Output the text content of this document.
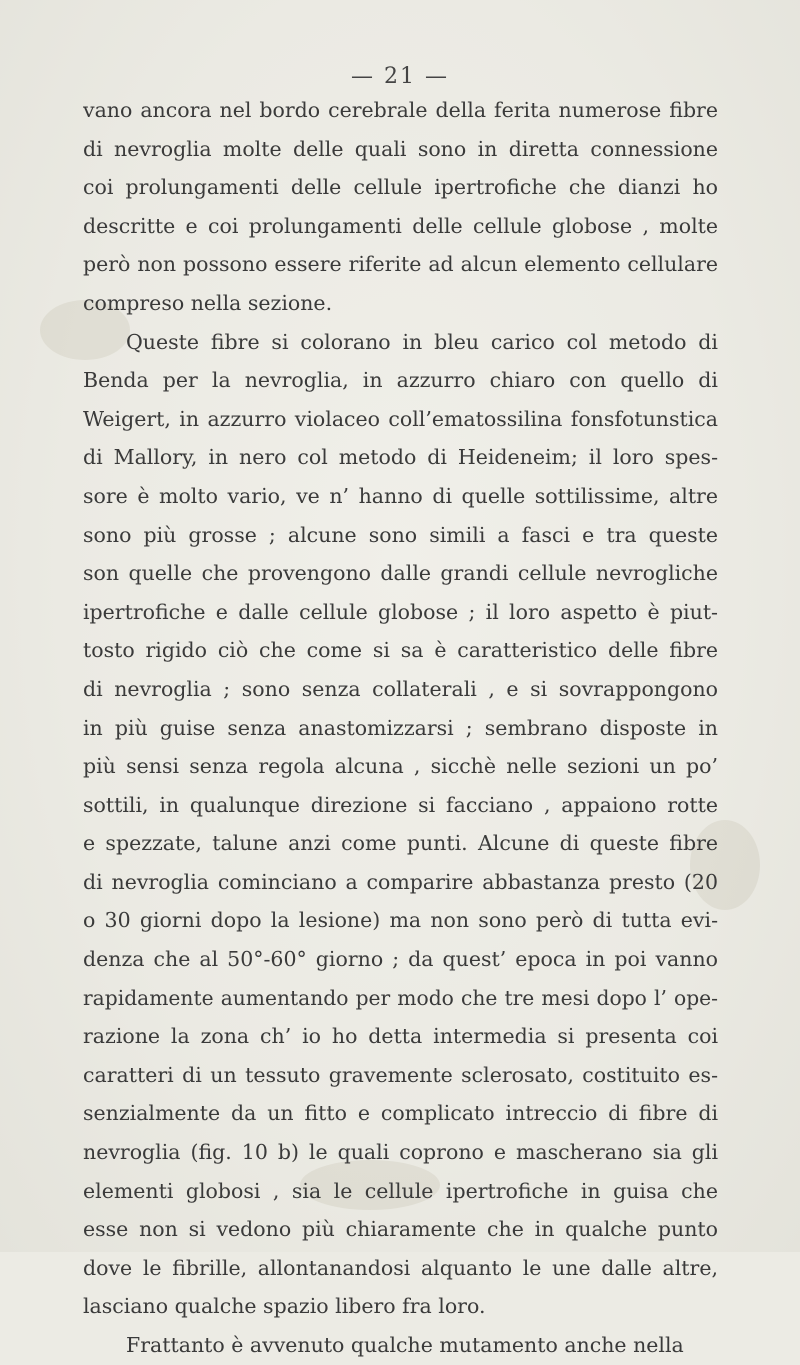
— 21 —
vano ancora nel bordo cerebrale della ferita numerose fibre
di nevroglia molte delle quali sono in diretta connessione
coi prolungamenti delle cellule ipertrofiche che dianzi ho
descritte e coi prolungamenti delle cellule globose , molte
però non possono essere riferite ad alcun elemento cellulare
compreso nella sezione.
Queste fibre si colorano in bleu carico col metodo di
Benda per la nevroglia, in azzurro chiaro con quello di
Weigert, in azzurro violaceo coll’ematossilina fonsfotunstica
di Mallory, in nero col metodo di Heideneim; il loro spes-
sore è molto vario, ve n’ hanno di quelle sottilissime, altre
sono più grosse ; alcune sono simili a fasci e tra queste
son quelle che provengono dalle grandi cellule nevrogliche
ipertrofiche e dalle cellule globose ; il loro aspetto è piut-
tosto rigido ciò che come si sa è caratteristico delle fibre
di nevroglia ; sono senza collaterali , e si sovrappongono
in più guise senza anastomizzarsi ; sembrano disposte in
più sensi senza regola alcuna , sicchè nelle sezioni un po’
sottili, in qualunque direzione si facciano , appaiono rotte
e spezzate, talune anzi come punti. Alcune di queste fibre
di nevroglia cominciano a comparire abbastanza presto (20
o 30 giorni dopo la lesione) ma non sono però di tutta evi-
denza che al 50°-60° giorno ; da quest’ epoca in poi vanno
rapidamente aumentando per modo che tre mesi dopo l’ ope-
razione la zona ch’ io ho detta intermedia si presenta coi
caratteri di un tessuto gravemente sclerosato, costituito es-
senzialmente da un fitto e complicato intreccio di fibre di
nevroglia (fig. 10 b) le quali coprono e mascherano sia gli
elementi globosi , sia le cellule ipertrofiche in guisa che
esse non si vedono più chiaramente che in qualche punto
dove le fibrille, allontanandosi alquanto le une dalle altre,
lasciano qualche spazio libero fra loro.
Frattanto è avvenuto qualche mutamento anche nella
